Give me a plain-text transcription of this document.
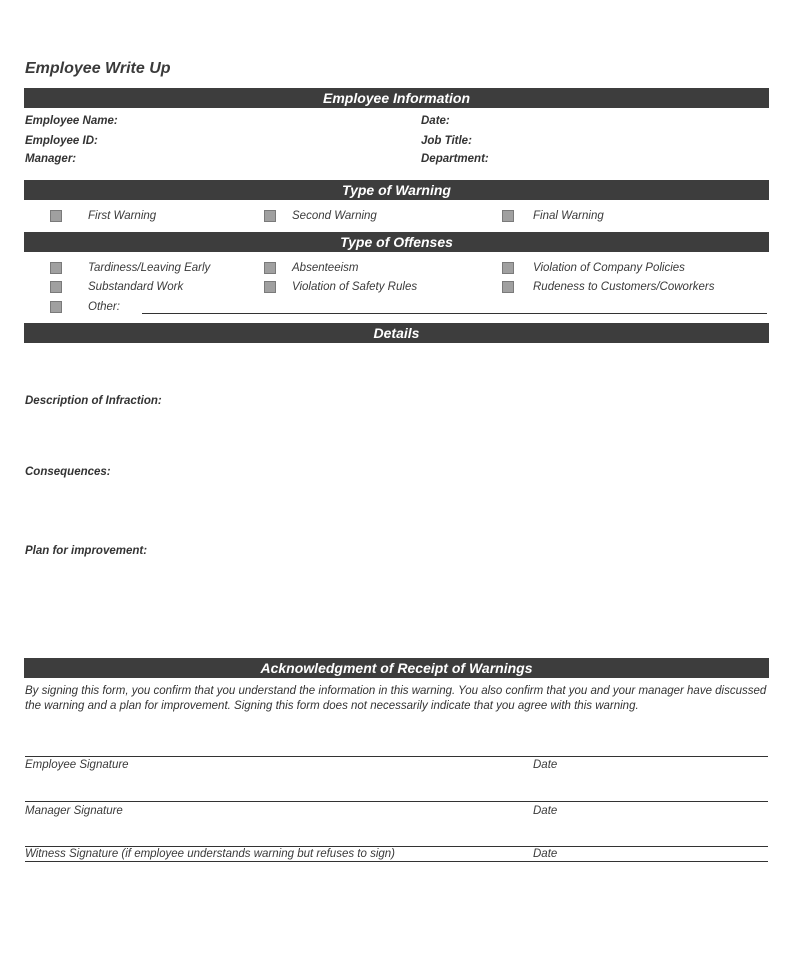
Employee Write Up
Employee Information
Employee Name:	Date:
Employee ID:	Job Title:
Manager:	Department:
Type of Warning
First Warning	Second Warning	Final Warning
Type of Offenses
Tardiness/Leaving Early	Absenteeism	Violation of Company Policies
Substandard Work	Violation of Safety Rules	Rudeness to Customers/Coworkers
Other:
Details
Description of Infraction:
Consequences:
Plan for improvement:
Acknowledgment of Receipt of Warnings
By signing this form, you confirm that you understand the information in this warning. You also confirm that you and your manager have discussed the warning and a plan for improvement. Signing this form does not necessarily indicate that you agree with this warning.
Employee Signature	Date
Manager Signature	Date
Witness Signature (if employee understands warning but refuses to sign)	Date
